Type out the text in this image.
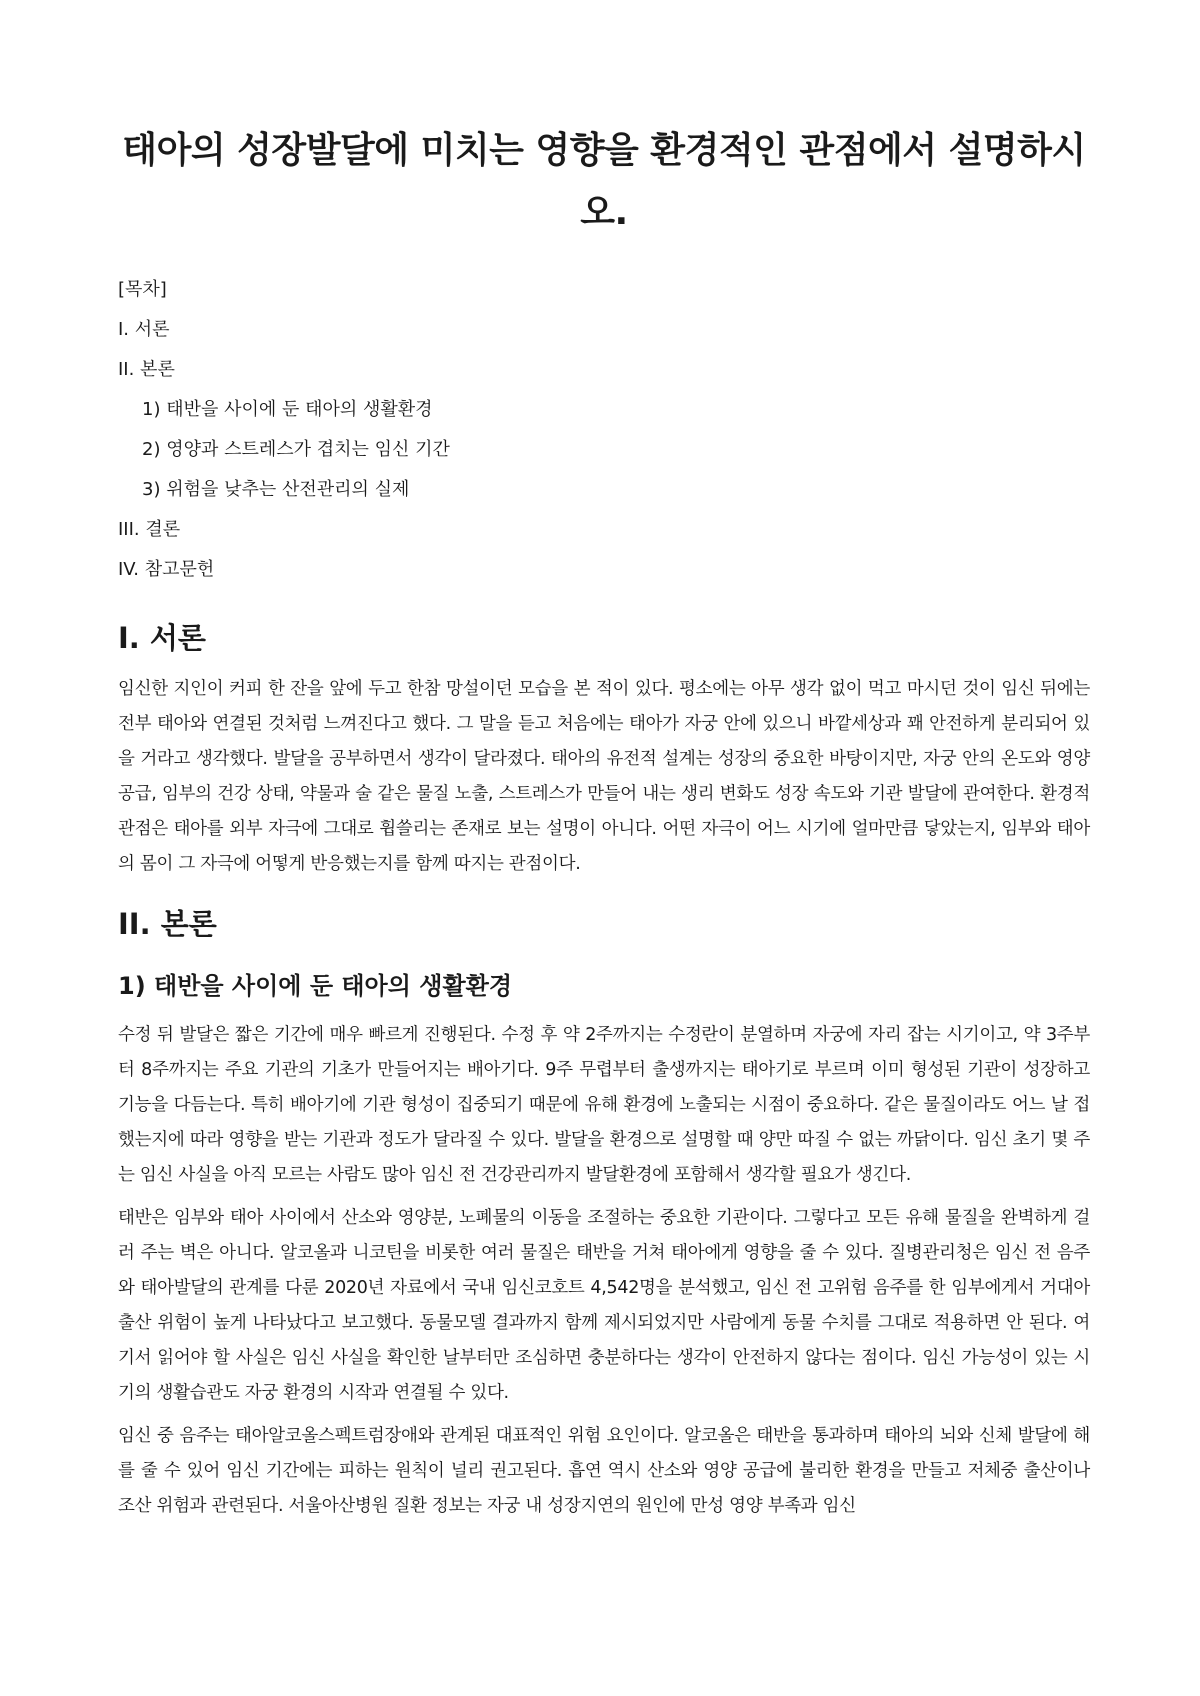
태아의 성장발달에 미치는 영향을 환경적인 관점에서 설명하시오.
[목차]
I. 서론
II. 본론
1) 태반을 사이에 둔 태아의 생활환경
2) 영양과 스트레스가 겹치는 임신 기간
3) 위험을 낮추는 산전관리의 실제
III. 결론
IV. 참고문헌
I. 서론

임신한 지인이 커피 한 잔을 앞에 두고 한참 망설이던 모습을 본 적이 있다. 평소에는 아무 생각 없이 먹고 마시던 것이 임신 뒤에는 전부 태아와 연결된 것처럼 느껴진다고 했다. 그 말을 듣고 처음에는 태아가 자궁 안에 있으니 바깥세상과 꽤 안전하게 분리되어 있을 거라고 생각했다. 발달을 공부하면서 생각이 달라졌다. 태아의 유전적 설계는 성장의 중요한 바탕이지만, 자궁 안의 온도와 영양 공급, 임부의 건강 상태, 약물과 술 같은 물질 노출, 스트레스가 만들어 내는 생리 변화도 성장 속도와 기관 발달에 관여한다. 환경적 관점은 태아를 외부 자극에 그대로 휩쓸리는 존재로 보는 설명이 아니다. 어떤 자극이 어느 시기에 얼마만큼 닿았는지, 임부와 태아의 몸이 그 자극에 어떻게 반응했는지를 함께 따지는 관점이다.

II. 본론
1) 태반을 사이에 둔 태아의 생활환경

수정 뒤 발달은 짧은 기간에 매우 빠르게 진행된다. 수정 후 약 2주까지는 수정란이 분열하며 자궁에 자리 잡는 시기이고, 약 3주부터 8주까지는 주요 기관의 기초가 만들어지는 배아기다. 9주 무렵부터 출생까지는 태아기로 부르며 이미 형성된 기관이 성장하고 기능을 다듬는다. 특히 배아기에 기관 형성이 집중되기 때문에 유해 환경에 노출되는 시점이 중요하다. 같은 물질이라도 어느 날 접했는지에 따라 영향을 받는 기관과 정도가 달라질 수 있다. 발달을 환경으로 설명할 때 양만 따질 수 없는 까닭이다. 임신 초기 몇 주는 임신 사실을 아직 모르는 사람도 많아 임신 전 건강관리까지 발달환경에 포함해서 생각할 필요가 생긴다.

태반은 임부와 태아 사이에서 산소와 영양분, 노폐물의 이동을 조절하는 중요한 기관이다. 그렇다고 모든 유해 물질을 완벽하게 걸러 주는 벽은 아니다. 알코올과 니코틴을 비롯한 여러 물질은 태반을 거쳐 태아에게 영향을 줄 수 있다. 질병관리청은 임신 전 음주와 태아발달의 관계를 다룬 2020년 자료에서 국내 임신코호트 4,542명을 분석했고, 임신 전 고위험 음주를 한 임부에게서 거대아 출산 위험이 높게 나타났다고 보고했다. 동물모델 결과까지 함께 제시되었지만 사람에게 동물 수치를 그대로 적용하면 안 된다. 여기서 읽어야 할 사실은 임신 사실을 확인한 날부터만 조심하면 충분하다는 생각이 안전하지 않다는 점이다. 임신 가능성이 있는 시기의 생활습관도 자궁 환경의 시작과 연결될 수 있다.

임신 중 음주는 태아알코올스펙트럼장애와 관계된 대표적인 위험 요인이다. 알코올은 태반을 통과하며 태아의 뇌와 신체 발달에 해를 줄 수 있어 임신 기간에는 피하는 원칙이 널리 권고된다. 흡연 역시 산소와 영양 공급에 불리한 환경을 만들고 저체중 출산이나 조산 위험과 관련된다. 서울아산병원 질환 정보는 자궁 내 성장지연의 원인에 만성 영양 부족과 임신
